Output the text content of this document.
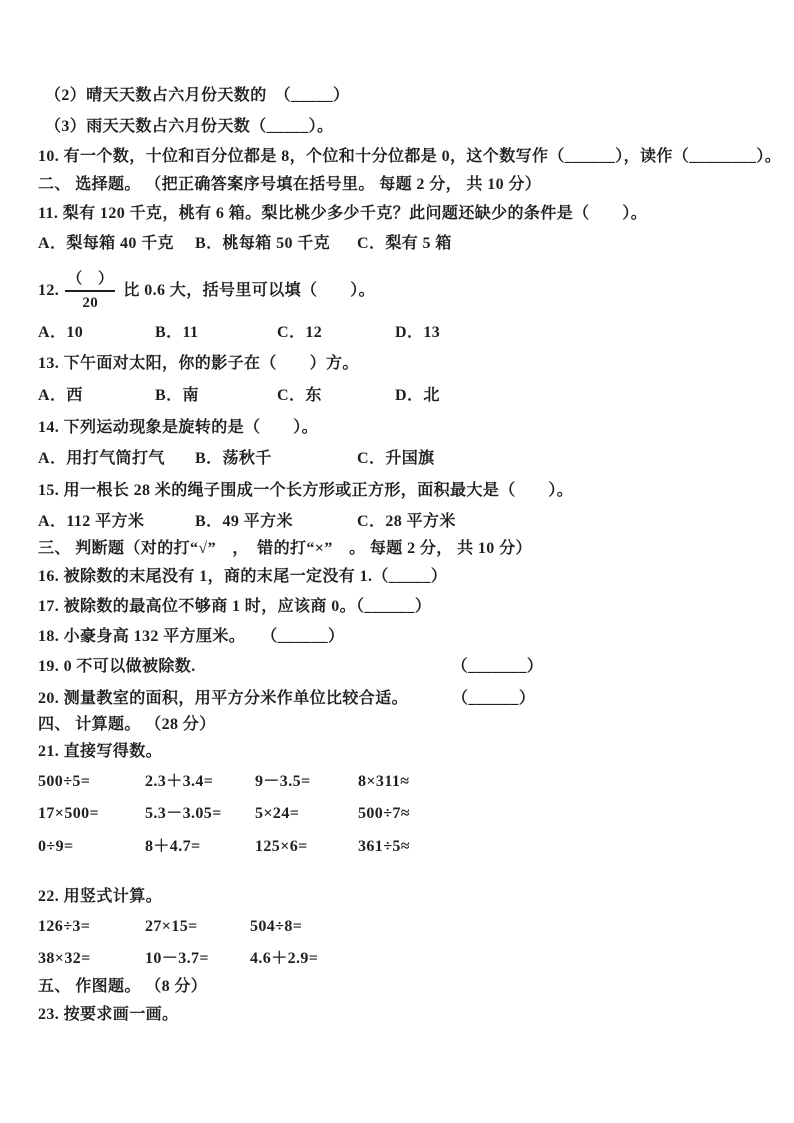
（2）晴天天数占六月份天数的 （_____）
（3）雨天天数占六月份天数（_____）。
10. 有一个数，十位和百分位都是 8，个位和十分位都是 0，这个数写作（______），读作（________）。
二、 选择题。 （把正确答案序号填在括号里。 每题 2 分， 共 10 分）
11. 梨有 120 千克，桃有 6 箱。梨比桃少多少千克？此问题还缺少的条件是（　　）。
A．梨每箱 40 千克	B．桃每箱 50 千克	C．梨有 5 箱
12. $\frac{( )}{20}$ 比 0.6 大，括号里可以填（　　）。
A．10	B．11	C．12	D．13
13. 下午面对太阳，你的影子在（　　）方。
A．西	B．南	C．东	D．北
14. 下列运动现象是旋转的是（　　）。
A．用打气筒打气	B．荡秋千	C．升国旗
15. 用一根长 28 米的绳子围成一个长方形或正方形，面积最大是（　　）。
A．112 平方米	B．49 平方米	C．28 平方米
三、 判断题（对的打“√”　，　错的打“×”　。 每题 2 分， 共 10 分）
16. 被除数的末尾没有 1，商的末尾一定没有 1.（_____）
17. 被除数的最高位不够商 1 时，应该商 0。（______）
18. 小豪身高 132 平方厘米。 （______）
19. 0 不可以做被除数.	（_______）
20. 测量教室的面积，用平方分米作单位比较合适。	（______）
四、 计算题。 （28 分）
21. 直接写得数。
500÷5=	2.3＋3.4=	9－3.5=	8×311≈
17×500=	5.3－3.05=	5×24=	500÷7≈
0÷9=	8＋4.7=	125×6=	361÷5≈
22. 用竖式计算。
126÷3=	27×15=	504÷8=
38×32=	10－3.7=	4.6＋2.9=
五、 作图题。 （8 分）
23. 按要求画一画。
